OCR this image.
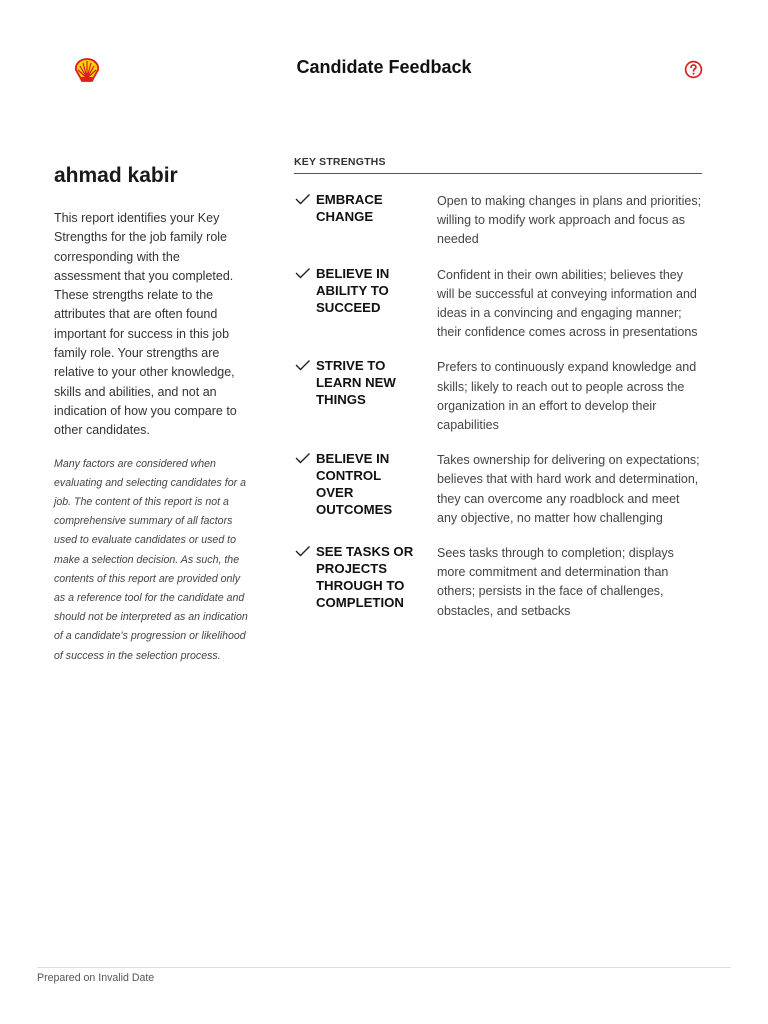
Candidate Feedback
ahmad kabir

This report identifies your Key Strengths for the job family role corresponding with the assessment that you completed. These strengths relate to the attributes that are often found important for success in this job family role. Your strengths are relative to your other knowledge, skills and abilities, and not an indication of how you compare to other candidates.

Many factors are considered when evaluating and selecting candidates for a job. The content of this report is not a comprehensive summary of all factors used to evaluate candidates or used to make a selection decision. As such, the contents of this report are provided only as a reference tool for the candidate and should not be interpreted as an indication of a candidate's progression or likelihood of success in the selection process.

KEY STRENGTHS
EMBRACE CHANGE
Open to making changes in plans and priorities; willing to modify work approach and focus as needed
BELIEVE IN ABILITY TO SUCCEED
Confident in their own abilities; believes they will be successful at conveying information and ideas in a convincing and engaging manner; their confidence comes across in presentations
STRIVE TO LEARN NEW THINGS
Prefers to continuously expand knowledge and skills; likely to reach out to people across the organization in an effort to develop their capabilities
BELIEVE IN CONTROL OVER OUTCOMES
Takes ownership for delivering on expectations; believes that with hard work and determination, they can overcome any roadblock and meet any objective, no matter how challenging
SEE TASKS OR PROJECTS THROUGH TO COMPLETION
Sees tasks through to completion; displays more commitment and determination than others; persists in the face of challenges, obstacles, and setbacks
Prepared on Invalid Date
